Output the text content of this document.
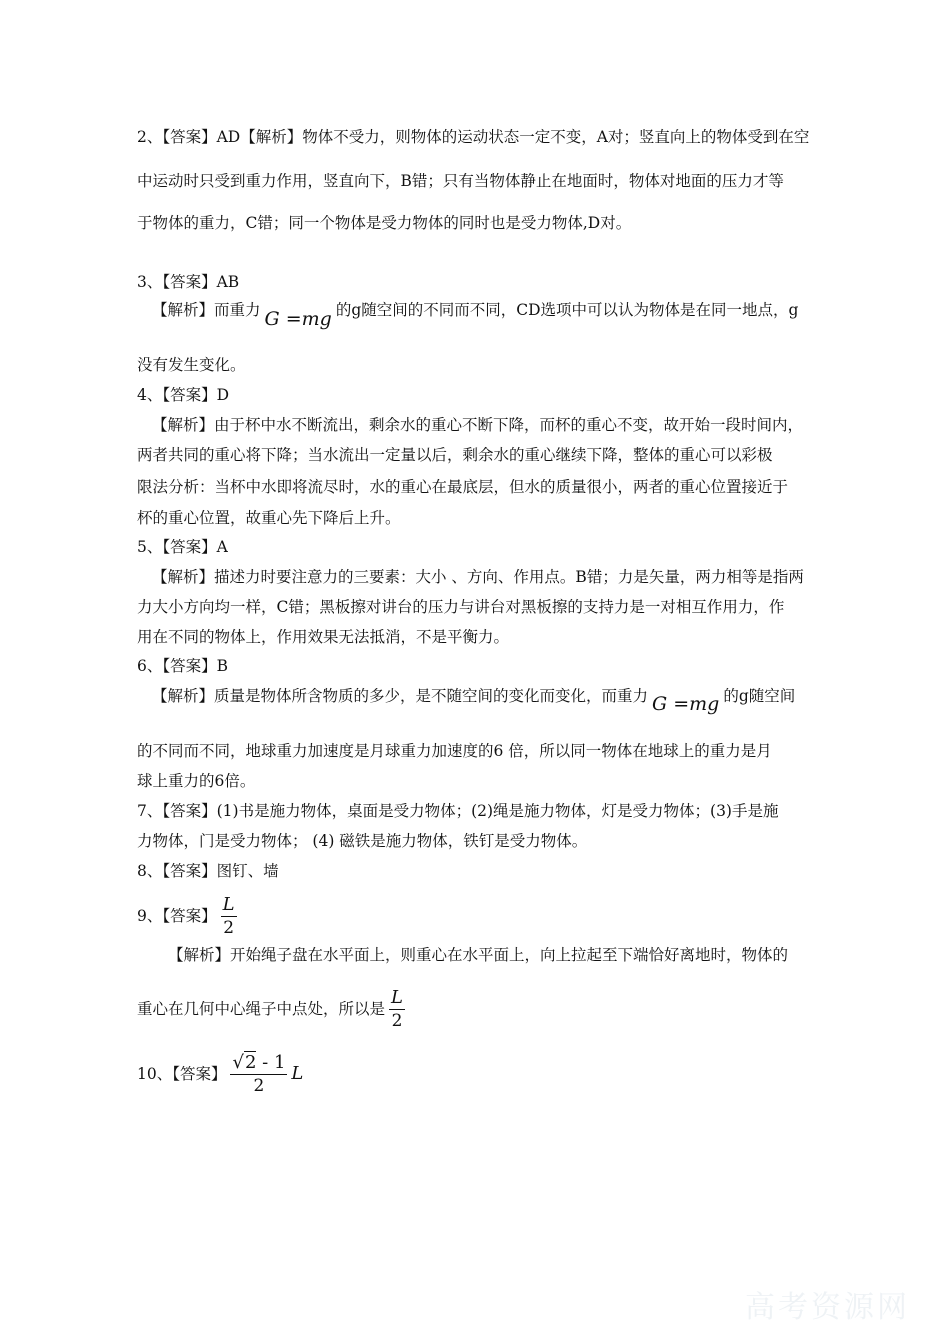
2、【答案】AD【解析】物体不受力，则物体的运动状态一定不变，A对；竖直向上的物体受到在空
中运动时只受到重力作用，竖直向下，B错；只有当物体静止在地面时，物体对地面的压力才等
于物体的重力，C错；同一个物体是受力物体的同时也是受力物体,D对。
3、【答案】AB
【解析】而重力 G =mg 的g随空间的不同而不同，CD选项中可以认为物体是在同一地点，g
没有发生变化。
4、【答案】D
【解析】由于杯中水不断流出，剩余水的重心不断下降，而杯的重心不变，故开始一段时间内，
两者共同的重心将下降；当水流出一定量以后，剩余水的重心继续下降，整体的重心可以彩极
限法分析：当杯中水即将流尽时，水的重心在最底层，但水的质量很小，两者的重心位置接近于
杯的重心位置，故重心先下降后上升。
5、【答案】A
【解析】描述力时要注意力的三要素：大小 、方向、作用点。B错；力是矢量，两力相等是指两
力大小方向均一样，C错；黑板擦对讲台的压力与讲台对黑板擦的支持力是一对相互作用力，作
用在不同的物体上，作用效果无法抵消，不是平衡力。
6、【答案】B
【解析】质量是物体所含物质的多少，是不随空间的变化而变化，而重力 G =mg 的g随空间
的不同而不同，地球重力加速度是月球重力加速度的6 倍，所以同一物体在地球上的重力是月
球上重力的6倍。
7、【答案】(1)书是施力物体，桌面是受力物体；(2)绳是施力物体，灯是受力物体；(3)手是施
力物体，门是受力物体； (4) 磁铁是施力物体，铁钉是受力物体。
8、【答案】图钉、墙
9、【答案】 $\frac{L}{2}$
【解析】开始绳子盘在水平面上，则重心在水平面上，向上拉起至下端恰好离地时，物体的
重心在几何中心绳子中点处，所以是 $\frac{L}{2}$
10、【答案】 $\frac{√2 - 1}{2}$ L
高考资源网
